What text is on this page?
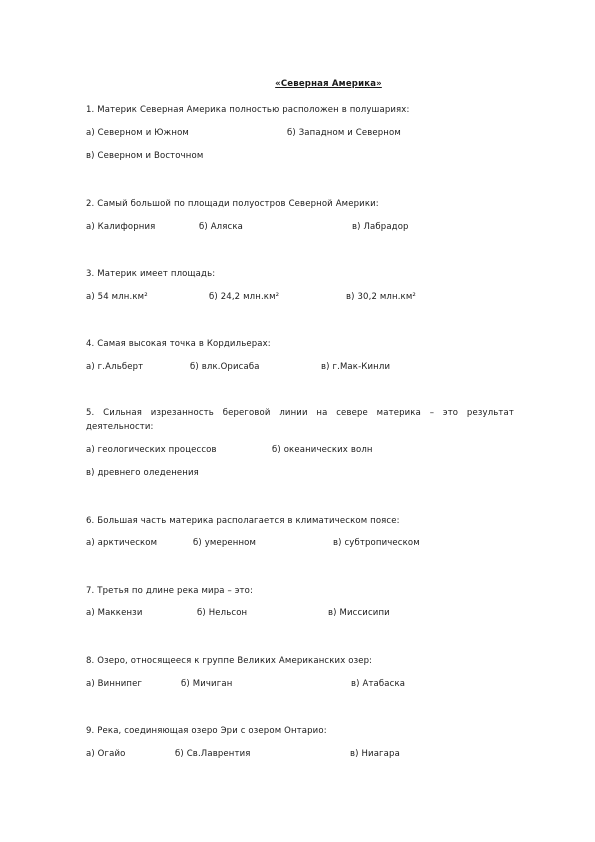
«Северная Америка»
1. Материк Северная Америка полностью расположен в полушариях:
а) Северном и Южном	б) Западном и Северном
в) Северном и Восточном
2. Самый большой по площади полуостров Северной Америки:
а) Калифорния	б) Аляска	в) Лабрадор
3. Материк имеет площадь:
а) 54 млн.км²	б) 24,2 млн.км²	в) 30,2 млн.км²
4. Самая высокая точка в Кордильерах:
а) г.Альберт	б) влк.Орисаба	в) г.Мак-Кинли
5. Сильная изрезанность береговой линии на севере материка – это результат
деятельности:
а) геологических процессов	б) океанических волн
в) древнего оледенения
6. Большая часть материка располагается в климатическом поясе:
а) арктическом	б) умеренном	в) субтропическом
7. Третья по длине река мира – это:
а) Маккензи	б) Нельсон	в) Миссисипи
8. Озеро, относящееся к группе Великих Американских озер:
а) Виннипег	б) Мичиган	в) Атабаска
9. Река, соединяющая озеро Эри с озером Онтарио:
а) Огайо	б) Св.Лаврентия	в) Ниагара
